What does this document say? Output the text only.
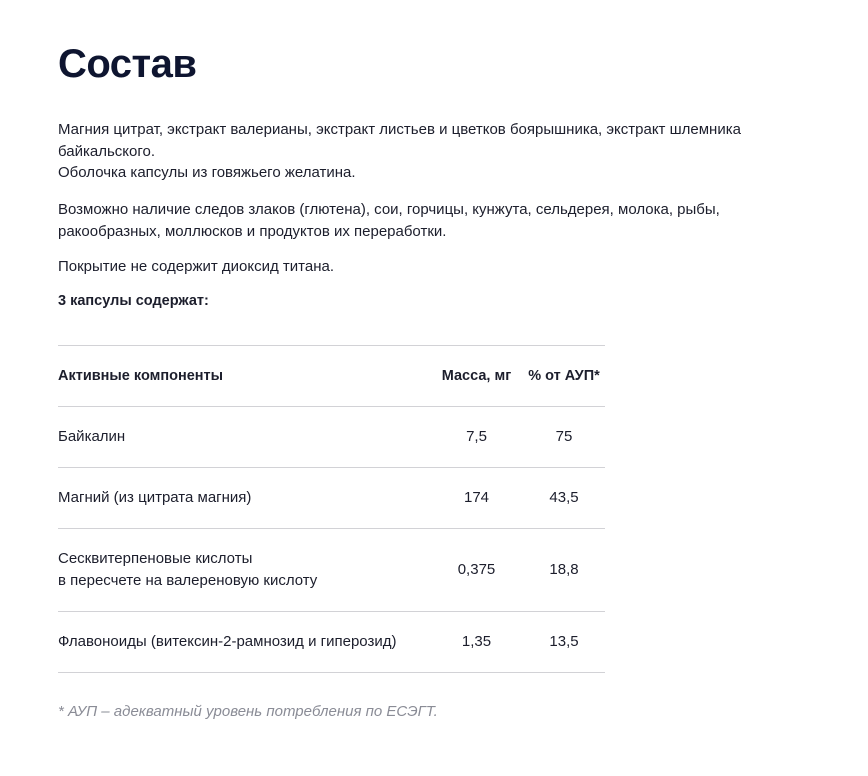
Состав

Магния цитрат, экстракт валерианы, экстракт листьев и цветков боярышника, экстракт шлемника
байкальского.
Оболочка капсулы из говяжьего желатина.

Возможно наличие следов злаков (глютена), сои, горчицы, кунжута, сельдерея, молока, рыбы,
ракообразных, моллюсков и продуктов их переработки.

Покрытие не содержит диоксид титана.

3 капсулы содержат:

Активные компоненты	Масса, мг	% от АУП*

Байкалин	7,5	75

Магний (из цитрата магния)	174	43,5

Сесквитерпеновые кислоты
в пересчете на валереновую кислоту	0,375	18,8

Флавоноиды (витексин-2-рамнозид и гиперозид)	1,35	13,5

* АУП – адекватный уровень потребления по ЕСЭГТ.
